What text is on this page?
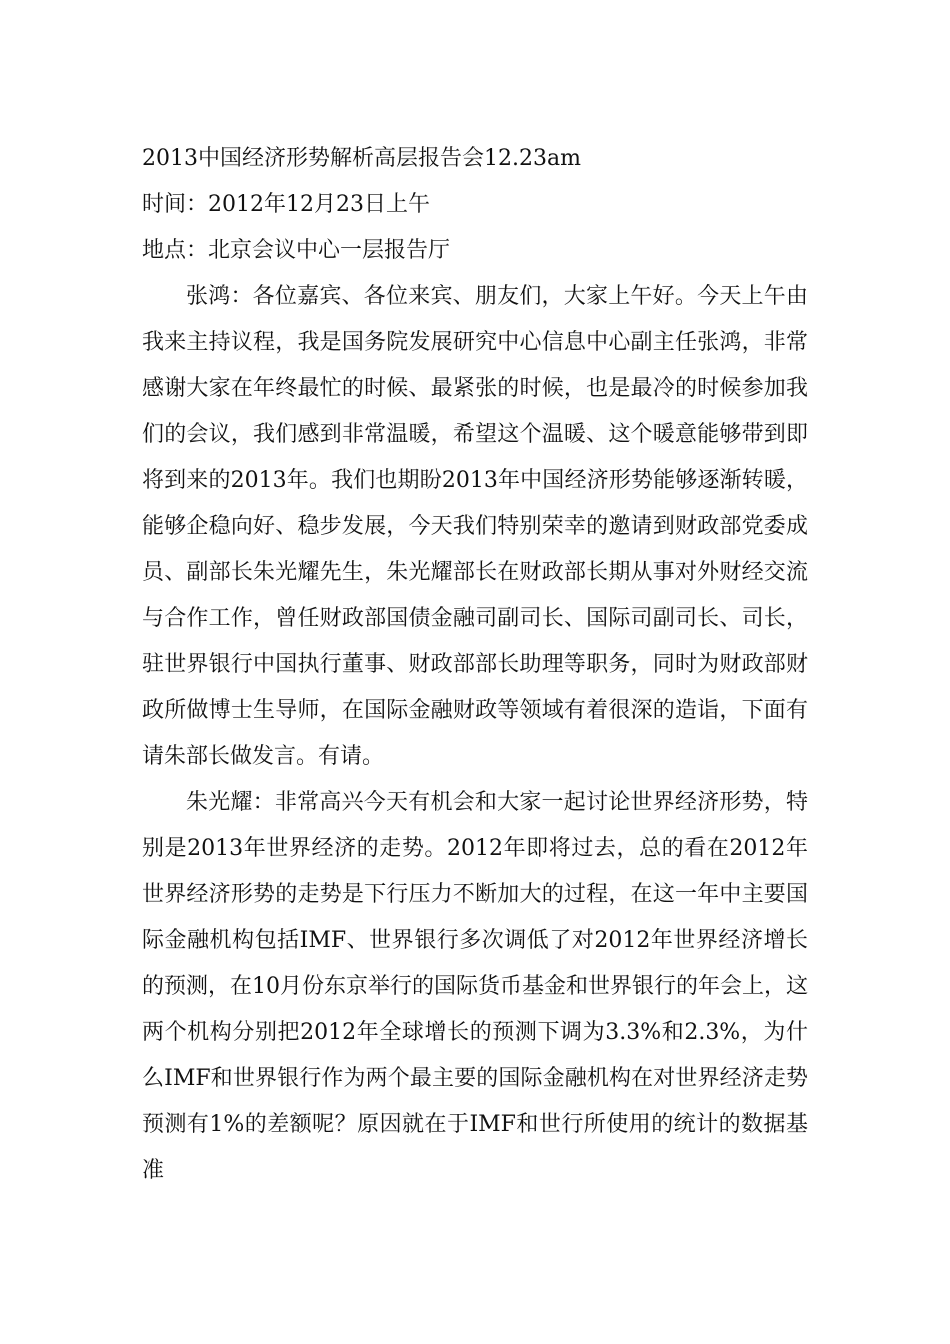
2013中国经济形势解析高层报告会12.23am

时间：2012年12月23日上午

地点：北京会议中心一层报告厅

张鸿：各位嘉宾、各位来宾、朋友们，大家上午好。今天上午由我来主持议程，我是国务院发展研究中心信息中心副主任张鸿，非常感谢大家在年终最忙的时候、最紧张的时候，也是最冷的时候参加我们的会议，我们感到非常温暖，希望这个温暖、这个暖意能够带到即将到来的2013年。我们也期盼2013年中国经济形势能够逐渐转暖，能够企稳向好、稳步发展，今天我们特别荣幸的邀请到财政部党委成员、副部长朱光耀先生，朱光耀部长在财政部长期从事对外财经交流与合作工作，曾任财政部国债金融司副司长、国际司副司长、司长，驻世界银行中国执行董事、财政部部长助理等职务，同时为财政部财政所做博士生导师，在国际金融财政等领域有着很深的造诣，下面有请朱部长做发言。有请。

朱光耀：非常高兴今天有机会和大家一起讨论世界经济形势，特别是2013年世界经济的走势。2012年即将过去，总的看在2012年世界经济形势的走势是下行压力不断加大的过程，在这一年中主要国际金融机构包括IMF、世界银行多次调低了对2012年世界经济增长的预测，在10月份东京举行的国际货币基金和世界银行的年会上，这两个机构分别把2012年全球增长的预测下调为3.3%和2.3%，为什么IMF和世界银行作为两个最主要的国际金融机构在对世界经济走势预测有1%的差额呢？原因就在于IMF和世行所使用的统计的数据基准
